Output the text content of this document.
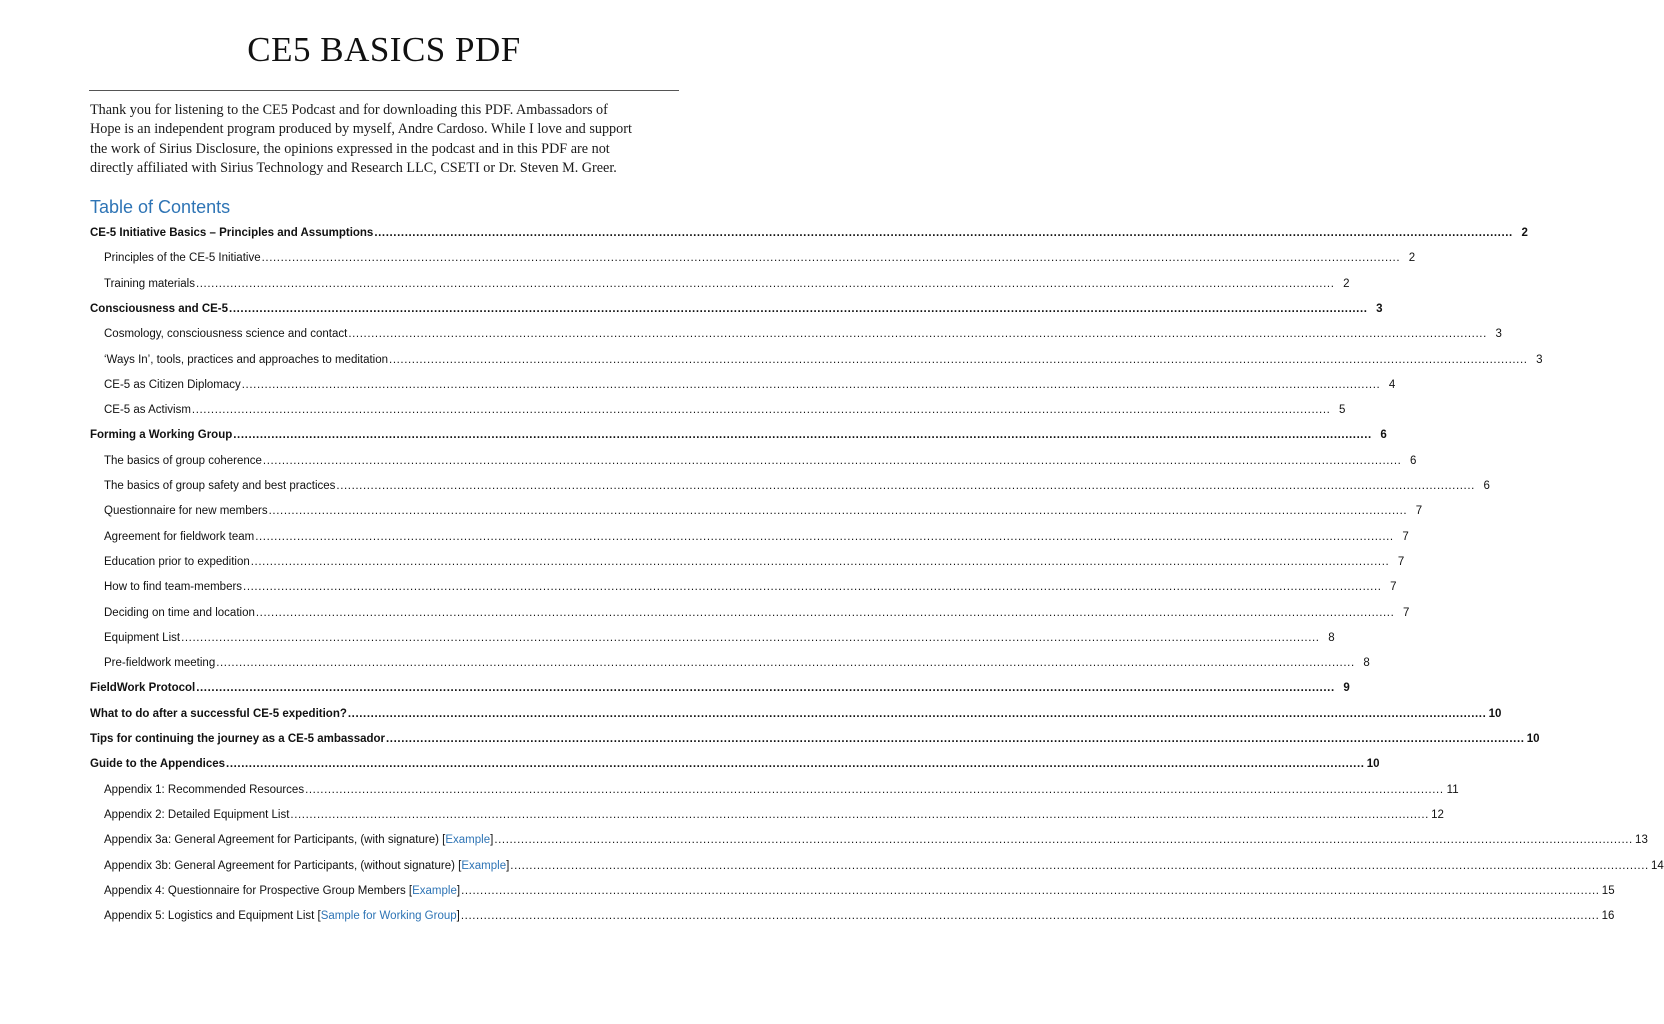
CE5 BASICS PDF
Thank you for listening to the CE5 Podcast and for downloading this PDF. Ambassadors of
Hope is an independent program produced by myself, Andre Cardoso. While I love and support
the work of Sirius Disclosure, the opinions expressed in the podcast and in this PDF are not
directly affiliated with Sirius Technology and Research LLC, CSETI or Dr. Steven M. Greer.
Table of Contents
CE-5 Initiative Basics – Principles and Assumptions ............................................................................................................................................................................................................................................................................................................ 2
Principles of the CE-5 Initiative ............................................................................................................................................................................................................................................................................................................ 2
Training materials ............................................................................................................................................................................................................................................................................................................ 2
Consciousness and CE-5 ............................................................................................................................................................................................................................................................................................................ 3
Cosmology, consciousness science and contact ............................................................................................................................................................................................................................................................................................................ 3
‘Ways In’, tools, practices and approaches to meditation ............................................................................................................................................................................................................................................................................................................ 3
CE-5 as Citizen Diplomacy ............................................................................................................................................................................................................................................................................................................ 4
CE-5 as Activism ............................................................................................................................................................................................................................................................................................................ 5
Forming a Working Group ............................................................................................................................................................................................................................................................................................................ 6
The basics of group coherence ............................................................................................................................................................................................................................................................................................................ 6
The basics of group safety and best practices ............................................................................................................................................................................................................................................................................................................ 6
Questionnaire for new members ............................................................................................................................................................................................................................................................................................................ 7
Agreement for fieldwork team ............................................................................................................................................................................................................................................................................................................ 7
Education prior to expedition ............................................................................................................................................................................................................................................................................................................ 7
How to find team-members ............................................................................................................................................................................................................................................................................................................ 7
Deciding on time and location ............................................................................................................................................................................................................................................................................................................ 7
Equipment List ............................................................................................................................................................................................................................................................................................................ 8
Pre-fieldwork meeting ............................................................................................................................................................................................................................................................................................................ 8
FieldWork Protocol ............................................................................................................................................................................................................................................................................................................ 9
What to do after a successful CE-5 expedition? ............................................................................................................................................................................................................................................................................................................ 10
Tips for continuing the journey as a CE-5 ambassador ............................................................................................................................................................................................................................................................................................................ 10
Guide to the Appendices ............................................................................................................................................................................................................................................................................................................ 10
Appendix 1: Recommended Resources ............................................................................................................................................................................................................................................................................................................ 11
Appendix 2: Detailed Equipment List ............................................................................................................................................................................................................................................................................................................ 12
Appendix 3a: General Agreement for Participants, (with signature) [ Example ] ............................................................................................................................................................................................................................................................................................................ 13
Appendix 3b: General Agreement for Participants, (without signature) [ Example ] ............................................................................................................................................................................................................................................................................................................ 14
Appendix 4: Questionnaire for Prospective Group Members [ Example ] ............................................................................................................................................................................................................................................................................................................ 15
Appendix 5: Logistics and Equipment List [ Sample for Working Group ] ............................................................................................................................................................................................................................................................................................................ 16
